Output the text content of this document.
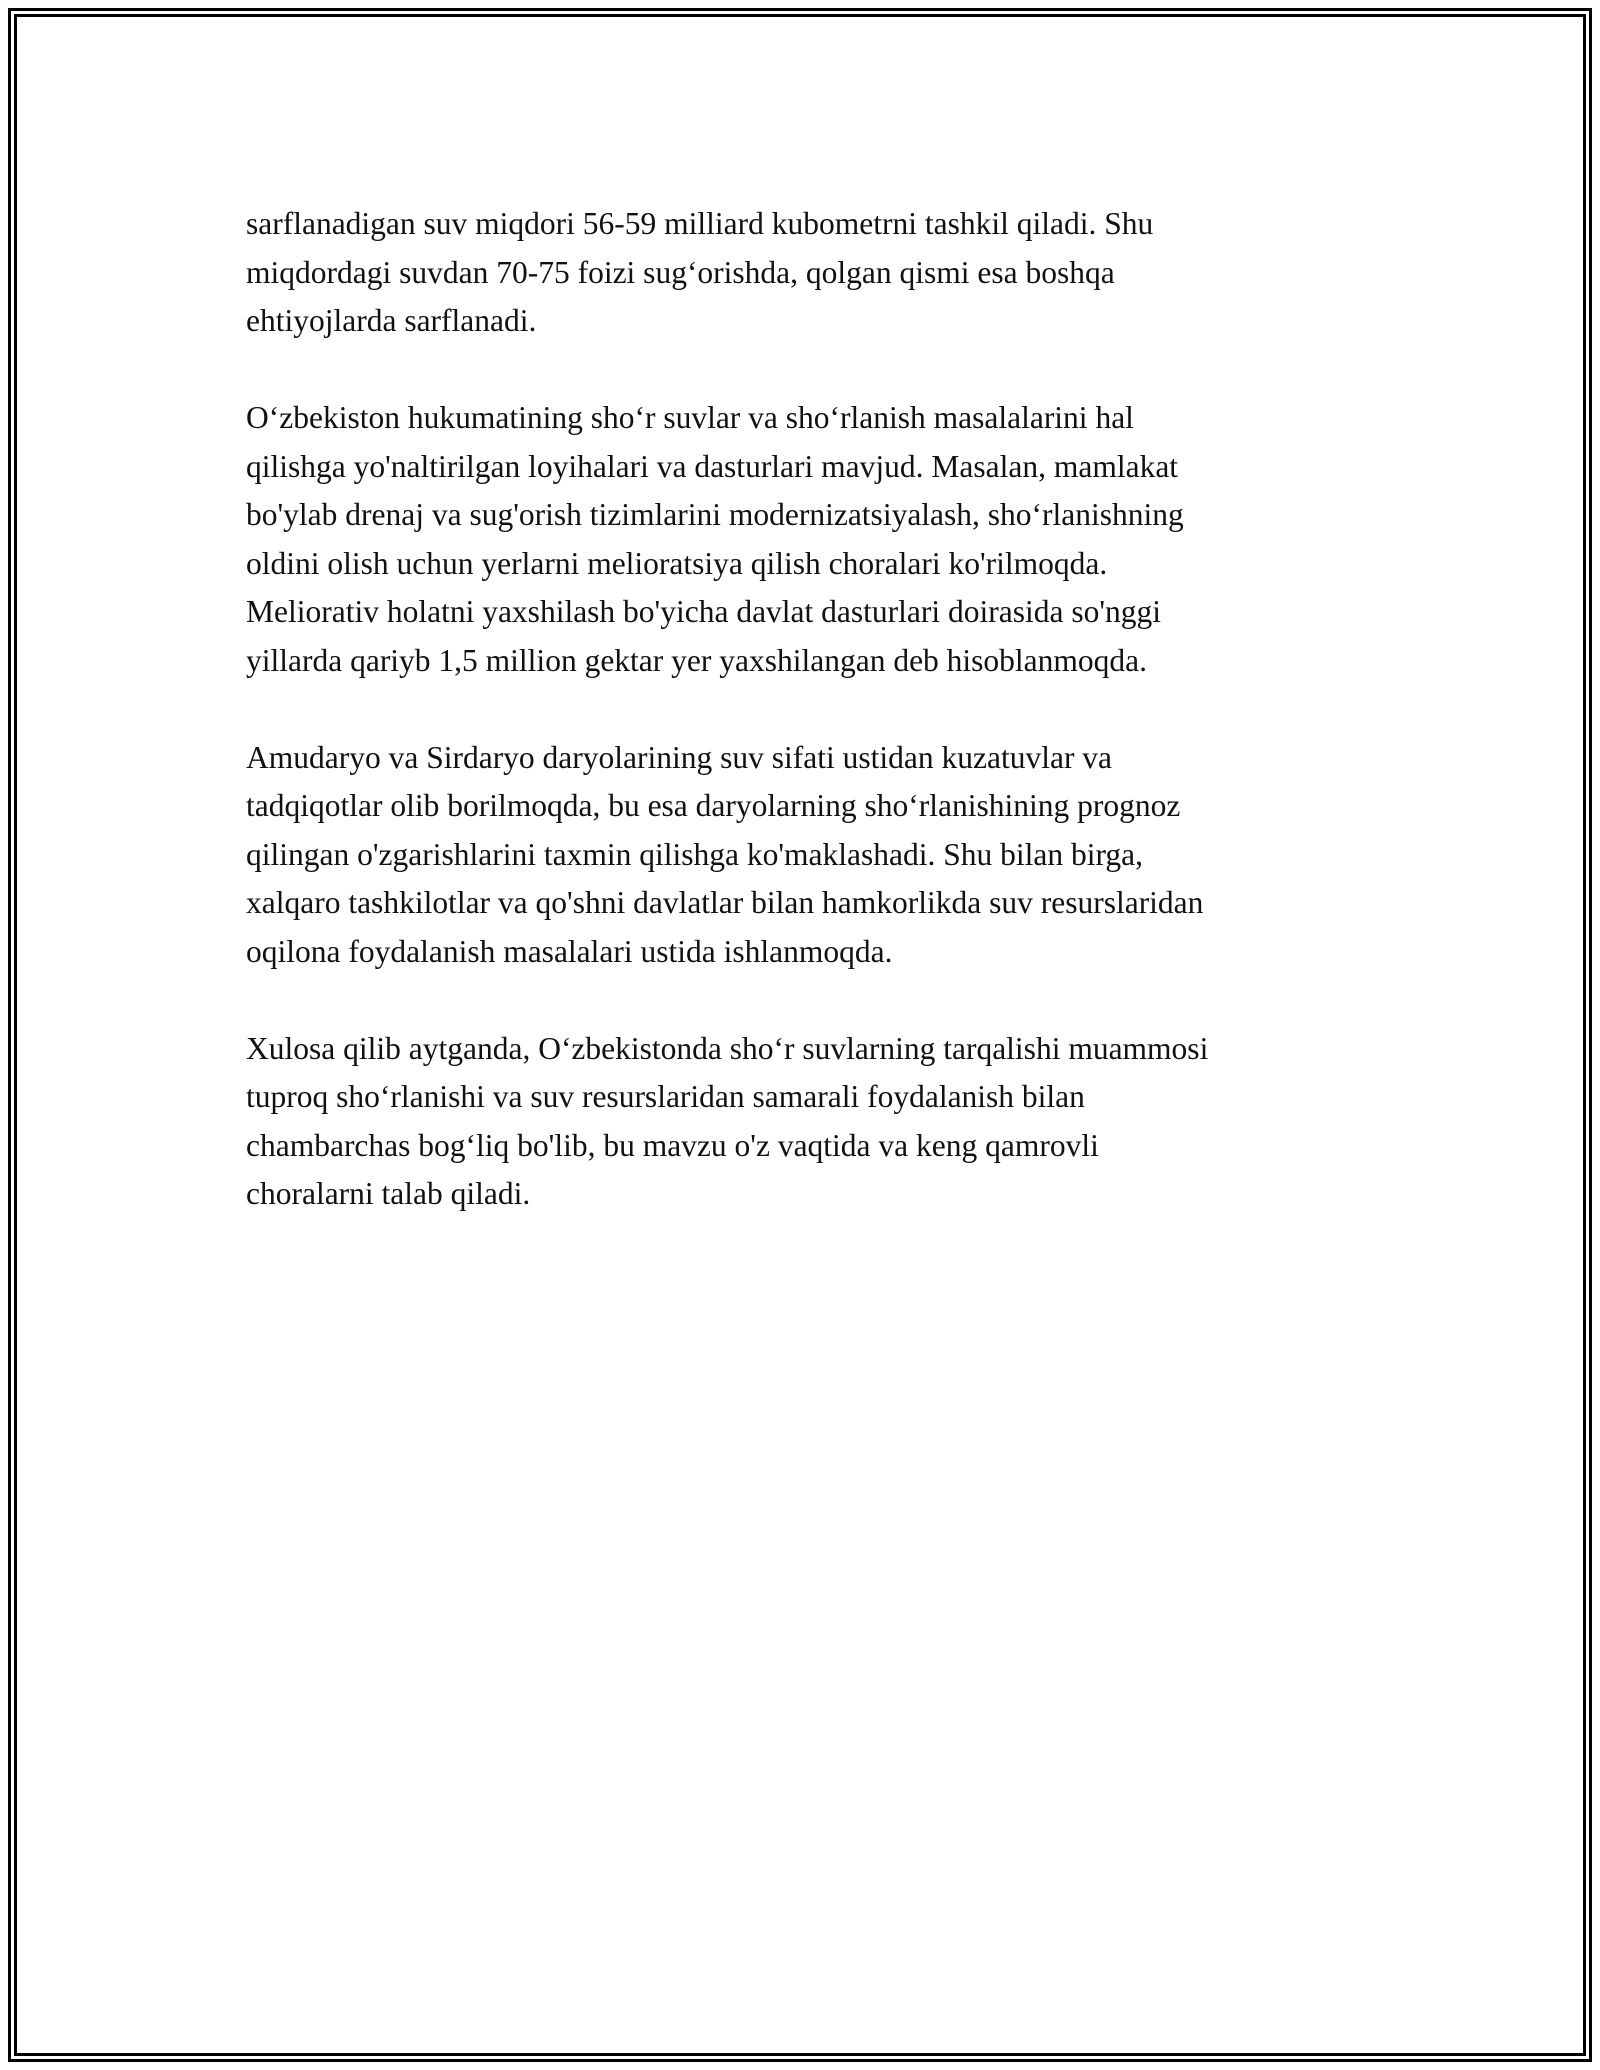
sarflanadigan suv miqdori 56-59 milliard kubometrni tashkil qiladi. Shu
miqdordagi suvdan 70-75 foizi sug‘orishda, qolgan qismi esa boshqa
ehtiyojlarda sarflanadi.

O‘zbekiston hukumatining sho‘r suvlar va sho‘rlanish masalalarini hal
qilishga yo'naltirilgan loyihalari va dasturlari mavjud. Masalan, mamlakat
bo'ylab drenaj va sug'orish tizimlarini modernizatsiyalash, sho‘rlanishning
oldini olish uchun yerlarni melioratsiya qilish choralari ko'rilmoqda.
Meliorativ holatni yaxshilash bo'yicha davlat dasturlari doirasida so'nggi
yillarda qariyb 1,5 million gektar yer yaxshilangan deb hisoblanmoqda.

Amudaryo va Sirdaryo daryolarining suv sifati ustidan kuzatuvlar va
tadqiqotlar olib borilmoqda, bu esa daryolarning sho‘rlanishining prognoz
qilingan o'zgarishlarini taxmin qilishga ko'maklashadi. Shu bilan birga,
xalqaro tashkilotlar va qo'shni davlatlar bilan hamkorlikda suv resurslaridan
oqilona foydalanish masalalari ustida ishlanmoqda.

Xulosa qilib aytganda, O‘zbekistonda sho‘r suvlarning tarqalishi muammosi
tuproq sho‘rlanishi va suv resurslaridan samarali foydalanish bilan
chambarchas bog‘liq bo'lib, bu mavzu o'z vaqtida va keng qamrovli
choralarni talab qiladi.
